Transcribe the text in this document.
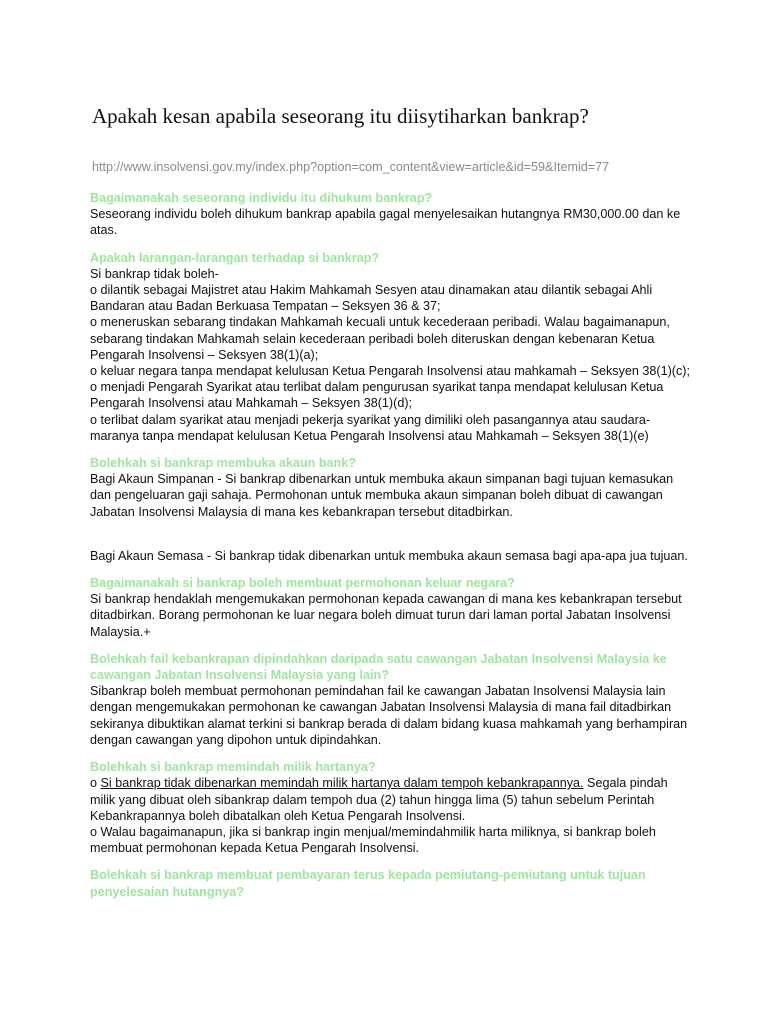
Apakah kesan apabila seseorang itu diisytiharkan bankrap?
http://www.insolvensi.gov.my/index.php?option=com_content&view=article&id=59&Itemid=77

Bagaimanakah seseorang individu itu dihukum bankrap?

Seseorang individu boleh dihukum bankrap apabila gagal menyelesaikan hutangnya RM30,000.00 dan ke atas.

Apakah larangan-larangan terhadap si bankrap?

Si bankrap tidak boleh-

o dilantik sebagai Majistret atau Hakim Mahkamah Sesyen atau dinamakan atau dilantik sebagai Ahli Bandaran atau Badan Berkuasa Tempatan – Seksyen 36 & 37;

o meneruskan sebarang tindakan Mahkamah kecuali untuk kecederaan peribadi. Walau bagaimanapun, sebarang tindakan Mahkamah selain kecederaan peribadi boleh diteruskan dengan kebenaran Ketua Pengarah Insolvensi – Seksyen 38(1)(a);

o keluar negara tanpa mendapat kelulusan Ketua Pengarah Insolvensi atau mahkamah – Seksyen 38(1)(c);

o menjadi Pengarah Syarikat atau terlibat dalam pengurusan syarikat tanpa mendapat kelulusan Ketua Pengarah Insolvensi atau Mahkamah – Seksyen 38(1)(d);

o terlibat dalam syarikat atau menjadi pekerja syarikat yang dimiliki oleh pasangannya atau saudara-maranya tanpa mendapat kelulusan Ketua Pengarah Insolvensi atau Mahkamah – Seksyen 38(1)(e)

Bolehkah si bankrap membuka akaun bank?

Bagi Akaun Simpanan - Si bankrap dibenarkan untuk membuka akaun simpanan bagi tujuan kemasukan dan pengeluaran gaji sahaja. Permohonan untuk membuka akaun simpanan boleh dibuat di cawangan Jabatan Insolvensi Malaysia di mana kes kebankrapan tersebut ditadbirkan.

Bagi Akaun Semasa - Si bankrap tidak dibenarkan untuk membuka akaun semasa bagi apa-apa jua tujuan.

Bagaimanakah si bankrap boleh membuat permohonan keluar negara?

Si bankrap hendaklah mengemukakan permohonan kepada cawangan di mana kes kebankrapan tersebut ditadbirkan. Borang permohonan ke luar negara boleh dimuat turun dari laman portal Jabatan Insolvensi Malaysia.+

Bolehkah fail kebankrapan dipindahkan daripada satu cawangan Jabatan Insolvensi Malaysia ke cawangan Jabatan Insolvensi Malaysia yang lain?

Sibankrap boleh membuat permohonan pemindahan fail ke cawangan Jabatan Insolvensi Malaysia lain dengan mengemukakan permohonan ke cawangan Jabatan Insolvensi Malaysia di mana fail ditadbirkan sekiranya dibuktikan alamat terkini si bankrap berada di dalam bidang kuasa mahkamah yang berhampiran dengan cawangan yang dipohon untuk dipindahkan.

Bolehkah si bankrap memindah milik hartanya?

o Si bankrap tidak dibenarkan memindah milik hartanya dalam tempoh kebankrapannya. Segala pindah milik yang dibuat oleh sibankrap dalam tempoh dua (2) tahun hingga lima (5) tahun sebelum Perintah Kebankrapannya boleh dibatalkan oleh Ketua Pengarah Insolvensi.

o Walau bagaimanapun, jika si bankrap ingin menjual/memindahmilik harta miliknya, si bankrap boleh membuat permohonan kepada Ketua Pengarah Insolvensi.

Bolehkah si bankrap membuat pembayaran terus kepada pemiutang-pemiutang untuk tujuan penyelesaian hutangnya?
